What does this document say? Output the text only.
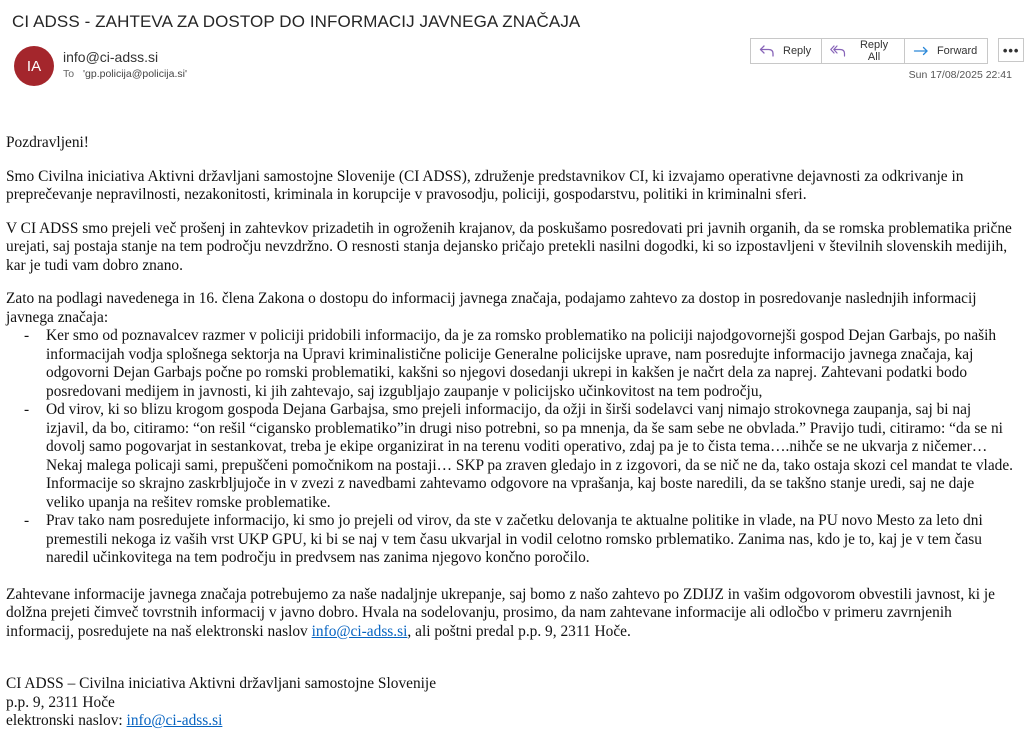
CI ADSS - ZAHTEVA ZA DOSTOP DO INFORMACIJ JAVNEGA ZNAČAJA
IA
info@ci-adss.si
To 'gp.policija@policija.si'
Reply	Reply All	Forward •••
Sun 17/08/2025 22:41

Pozdravljeni!

Smo Civilna iniciativa Aktivni državljani samostojne Slovenije (CI ADSS), združenje predstavnikov CI, ki izvajamo operativne dejavnosti za odkrivanje in preprečevanje nepravilnosti, nezakonitosti, kriminala in korupcije v pravosodju, policiji, gospodarstvu, politiki in kriminalni sferi.

V CI ADSS smo prejeli več prošenj in zahtevkov prizadetih in ogroženih krajanov, da poskušamo posredovati pri javnih organih, da se romska problematika prične urejati, saj postaja stanje na tem področju nevzdržno. O resnosti stanja dejansko pričajo pretekli nasilni dogodki, ki so izpostavljeni v številnih slovenskih medijih, kar je tudi vam dobro znano.

Zato na podlagi navedenega in 16. člena Zakona o dostopu do informacij javnega značaja, podajamo zahtevo za dostop in posredovanje naslednjih informacij javnega značaja:

- Ker smo od poznavalcev razmer v policiji pridobili informacijo, da je za romsko problematiko na policiji najodgovornejši gospod Dejan Garbajs, po naših informacijah vodja splošnega sektorja na Upravi kriminalistične policije Generalne policijske uprave, nam posredujte informacijo javnega značaja, kaj odgovorni Dejan Garbajs počne po romski problematiki, kakšni so njegovi dosedanji ukrepi in kakšen je načrt dela za naprej. Zahtevani podatki bodo posredovani medijem in javnosti, ki jih zahtevajo, saj izgubljajo zaupanje v policijsko učinkovitost na tem področju,
- Od virov, ki so blizu krogom gospoda Dejana Garbajsa, smo prejeli informacijo, da ožji in širši sodelavci vanj nimajo strokovnega zaupanja, saj bi naj izjavil, da bo, citiramo: “on rešil “cigansko problematiko”in drugi niso potrebni, so pa mnenja, da še sam sebe ne obvlada.” Pravijo tudi, citiramo: “da se ni dovolj samo pogovarjat in sestankovat, treba je ekipe organizirat in na terenu voditi operativo, zdaj pa je to čista tema….nihče se ne ukvarja z ničemer…Nekaj malega policaji sami, prepuščeni pomočnikom na postaji… SKP pa zraven gledajo in z izgovori, da se nič ne da, tako ostaja skozi cel mandat te vlade. Informacije so skrajno zaskrbljujoče in v zvezi z navedbami zahtevamo odgovore na vprašanja, kaj boste naredili, da se takšno stanje uredi, saj ne daje veliko upanja na rešitev romske problematike.
- Prav tako nam posredujete informacijo, ki smo jo prejeli od virov, da ste v začetku delovanja te aktualne politike in vlade, na PU novo Mesto za leto dni premestili nekoga iz vaših vrst UKP GPU, ki bi se naj v tem času ukvarjal in vodil celotno romsko prblematiko. Zanima nas, kdo je to, kaj je v tem času naredil učinkovitega na tem področju in predvsem nas zanima njegovo končno poročilo.

Zahtevane informacije javnega značaja potrebujemo za naše nadaljnje ukrepanje, saj bomo z našo zahtevo po ZDIJZ in vašim odgovorom obvestili javnost, ki je dolžna prejeti čimveč tovrstnih informacij v javno dobro. Hvala na sodelovanju, prosimo, da nam zahtevane informacije ali odločbo v primeru zavrnjenih informacij, posredujete na naš elektronski naslov info@ci-adss.si, ali poštni predal p.p. 9, 2311 Hoče.

CI ADSS – Civilna iniciativa Aktivni državljani samostojne Slovenije
p.p. 9, 2311 Hoče
elektronski naslov: info@ci-adss.si
